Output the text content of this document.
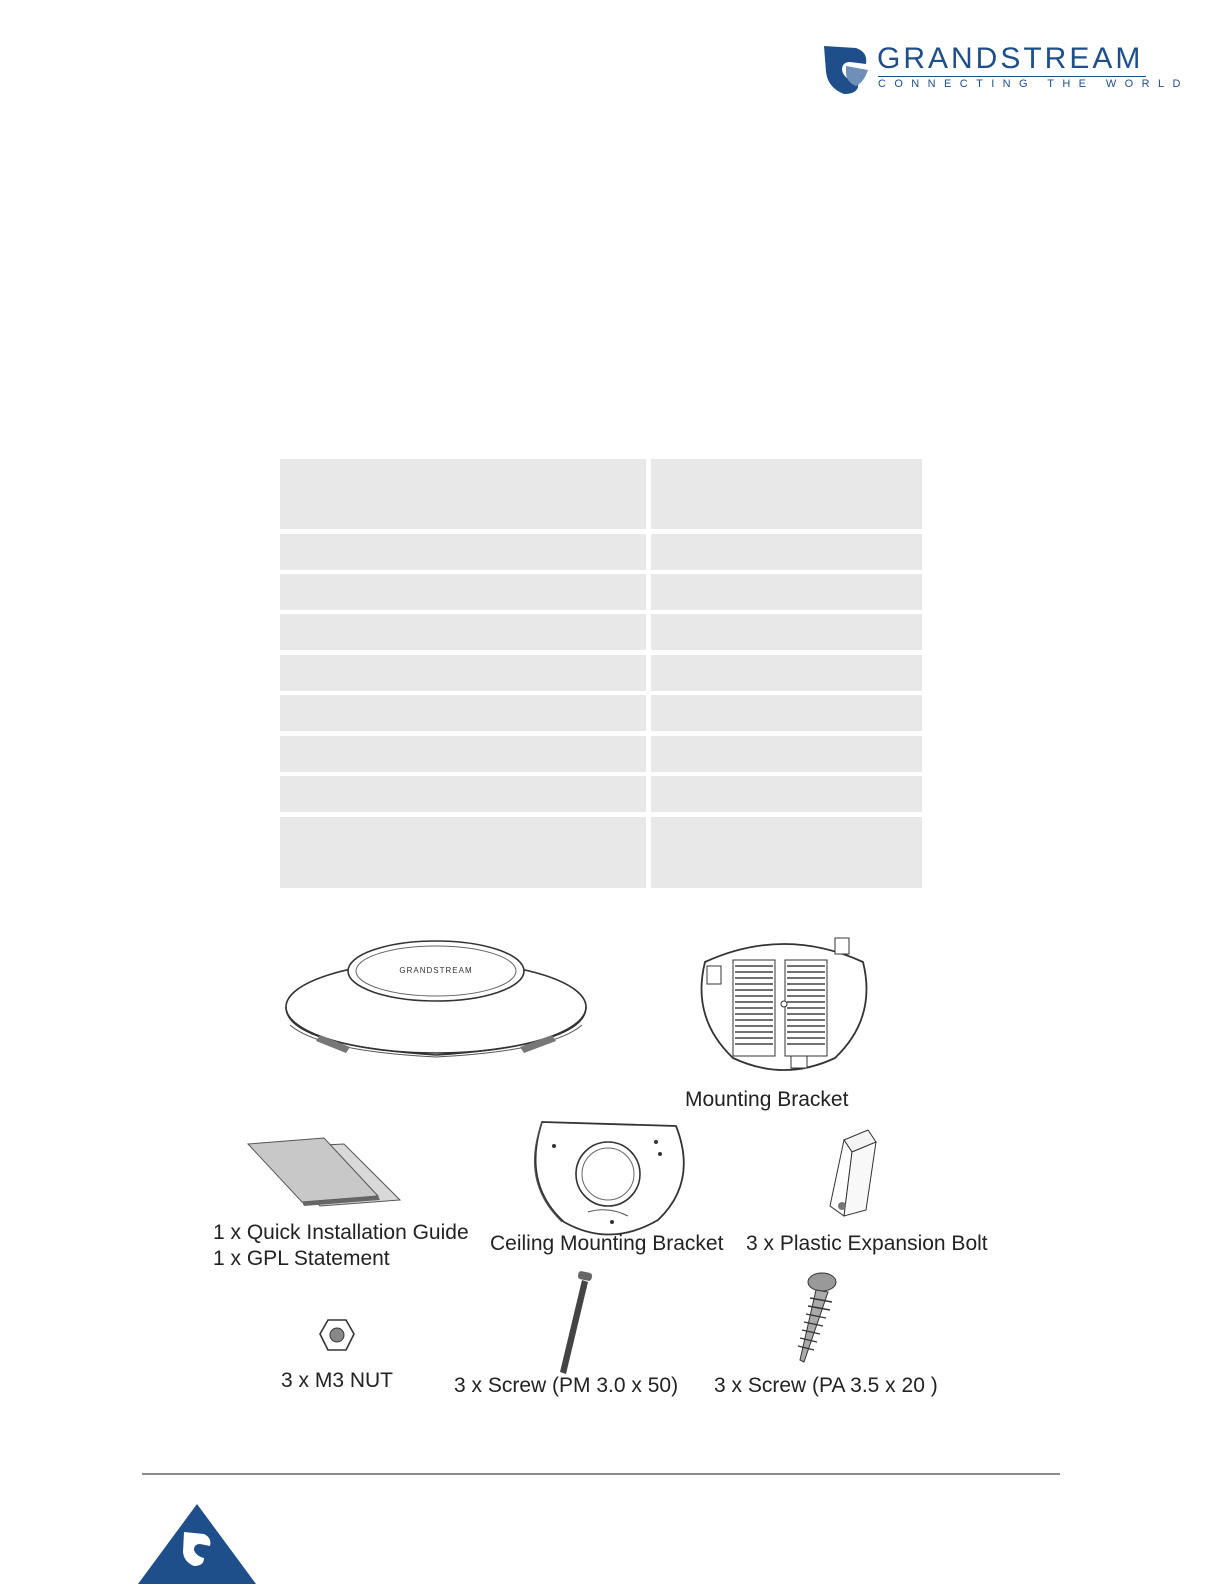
GRANDSTREAM
CONNECTING THE WORLD
GRANDSTREAM
Mounting Bracket
1 x Quick Installation Guide
1 x GPL Statement
Ceiling Mounting Bracket 3 x Plastic Expansion Bolt
3 x M3 NUT	3 x Screw (PM 3.0 x 50) 3 x Screw (PA 3.5 x 20 )
